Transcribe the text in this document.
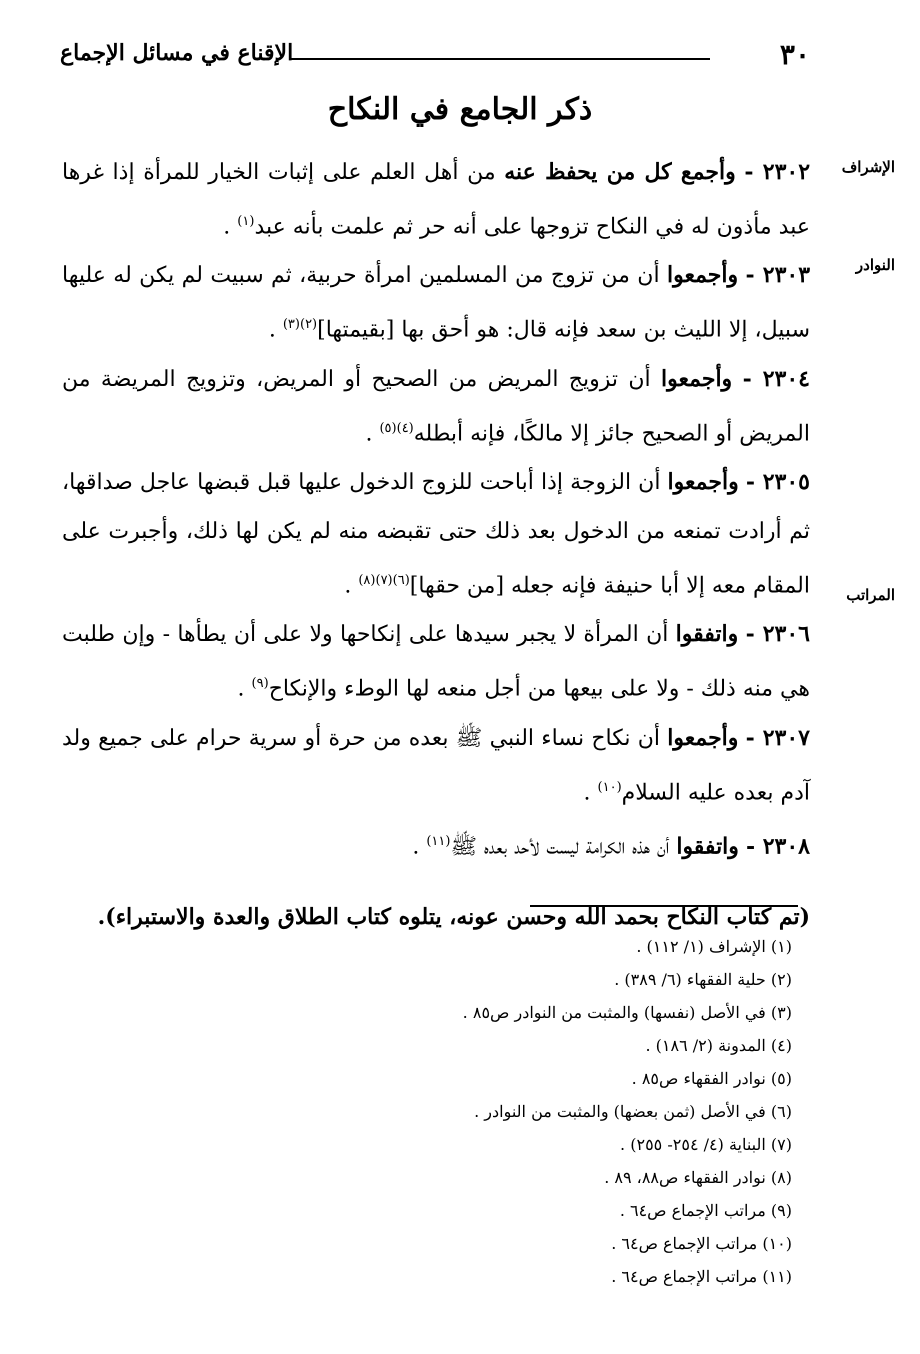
الإقناع في مسائل الإجماع	٣٠
ذكر الجامع في النكاح
الإشراف
النوادر
المراتب

٢٣٠٢ - وأجمع كل من يحفظ عنه من أهل العلم على إثبات الخيار للمرأة إذا غرها عبد مأذون له في النكاح تزوجها على أنه حر ثم علمت بأنه عبد$^{(١)}$ .

٢٣٠٣ - وأجمعوا أن من تزوج من المسلمين امرأة حربية، ثم سبيت لم يكن له عليها سبيل، إلا الليث بن سعد فإنه قال: هو أحق بها [بقيمتها]$^{(٢)(٣)}$ .

٢٣٠٤ - وأجمعوا أن تزويج المريض من الصحيح أو المريض، وتزويج المريضة من المريض أو الصحيح جائز إلا مالكًا، فإنه أبطله$^{(٤)(٥)}$ .

٢٣٠٥ - وأجمعوا أن الزوجة إذا أباحت للزوج الدخول عليها قبل قبضها عاجل صداقها، ثم أرادت تمنعه من الدخول بعد ذلك حتى تقبضه منه لم يكن لها ذلك، وأجبرت على المقام معه إلا أبا حنيفة فإنه جعله [من حقها]$^{(٦)(٧)(٨)}$ .

٢٣٠٦ - واتفقوا أن المرأة لا يجبر سيدها على إنكاحها ولا على أن يطأها - وإن طلبت هي منه ذلك - ولا على بيعها من أجل منعه لها الوطء والإنكاح$^{(٩)}$ .

٢٣٠٧ - وأجمعوا أن نكاح نساء النبي ﷺ بعده من حرة أو سرية حرام على جميع ولد آدم بعده عليه السلام$^{(١٠)}$ .

٢٣٠٨ - واتفقوا أن هذه الكرامة ليست لأحد بعده ﷺ$^{(١١)}$ .

(تم كتاب النكاح بحمد الله وحسن عونه، يتلوه كتاب الطلاق والعدة والاستبراء).

(١) الإشراف (١/ ١١٢) .
(٢) حلية الفقهاء (٦/ ٣٨٩) .
(٣) في الأصل (نفسها) والمثبت من النوادر ص٨٥ .
(٤) المدونة (٢/ ١٨٦) .
(٥) نوادر الفقهاء ص٨٥ .
(٦) في الأصل (ثمن بعضها) والمثبت من النوادر .
(٧) البناية (٤/ ٢٥٤- ٢٥٥) .
(٨) نوادر الفقهاء ص٨٨، ٨٩ .
(٩) مراتب الإجماع ص٦٤ .
(١٠) مراتب الإجماع ص٦٤ .
(١١) مراتب الإجماع ص٦٤ .
